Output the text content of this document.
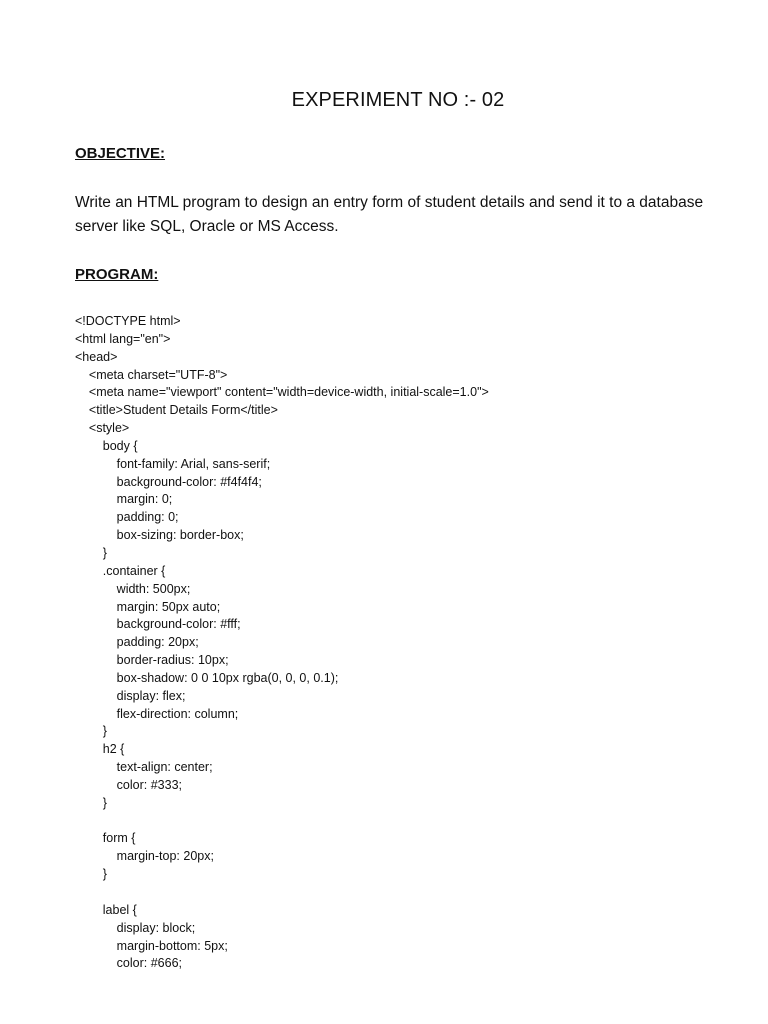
EXPERIMENT NO :- 02
OBJECTIVE:

Write an HTML program to design an entry form of student details and send it to a database server like SQL, Oracle or MS Access.

PROGRAM:
<!DOCTYPE html>
<html lang="en">
<head>
<meta charset="UTF-8">
<meta name="viewport" content="width=device-width, initial-scale=1.0">
<title>Student Details Form</title>
<style>
body {
font-family: Arial, sans-serif;
background-color: #f4f4f4;
margin: 0;
padding: 0;
box-sizing: border-box;
}
.container {
width: 500px;
margin: 50px auto;
background-color: #fff;
padding: 20px;
border-radius: 10px;
box-shadow: 0 0 10px rgba(0, 0, 0, 0.1);
display: flex;
flex-direction: column;
}
h2 {
text-align: center;
color: #333;
}
form {
margin-top: 20px;
}
label {
display: block;
margin-bottom: 5px;
color: #666;
